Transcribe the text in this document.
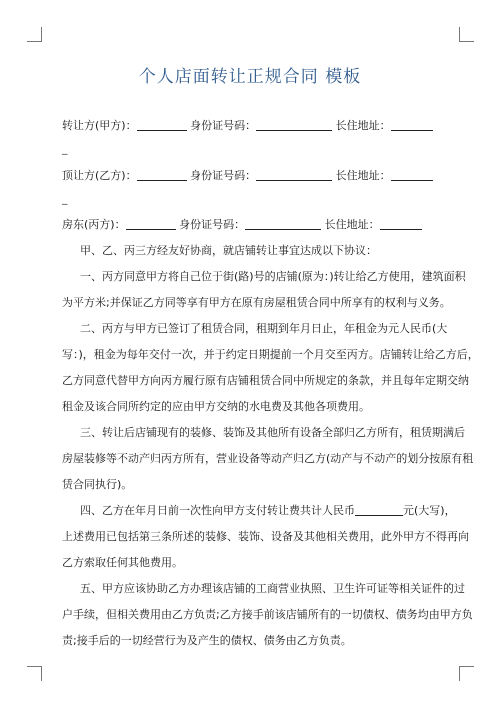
个人店面转让正规合同 模板
转让方(甲方)：	身份证号码：	长住地址：
_
顶让方(乙方)：	身份证号码：	长住地址：
_
房东(丙方)：	身份证号码：	长住地址：
甲、乙、丙三方经友好协商，就店铺转让事宜达成以下协议：
一、丙方同意甲方将自己位于街(路)号的店铺(原为：)转让给乙方使用，建筑面积
为平方米;并保证乙方同等享有甲方在原有房屋租赁合同中所享有的权利与义务。
二、丙方与甲方已签订了租赁合同，租期到年月日止，年租金为元人民币(大
写：)，租金为每年交付一次，并于约定日期提前一个月交至丙方。店铺转让给乙方后，
乙方同意代替甲方向丙方履行原有店铺租赁合同中所规定的条款，并且每年定期交纳
租金及该合同所约定的应由甲方交纳的水电费及其他各项费用。
三、转让后店铺现有的装修、装饰及其他所有设备全部归乙方所有，租赁期满后
房屋装修等不动产归丙方所有，营业设备等动产归乙方(动产与不动产的划分按原有租
赁合同执行)。
四、乙方在年月日前一次性向甲方支付转让费共计人民币	元(大写)，
上述费用已包括第三条所述的装修、装饰、设备及其他相关费用，此外甲方不得再向
乙方索取任何其他费用。
五、甲方应该协助乙方办理该店铺的工商营业执照、卫生许可证等相关证件的过
户手续，但相关费用由乙方负责;乙方接手前该店铺所有的一切债权、债务均由甲方负
责;接手后的一切经营行为及产生的债权、债务由乙方负责。
